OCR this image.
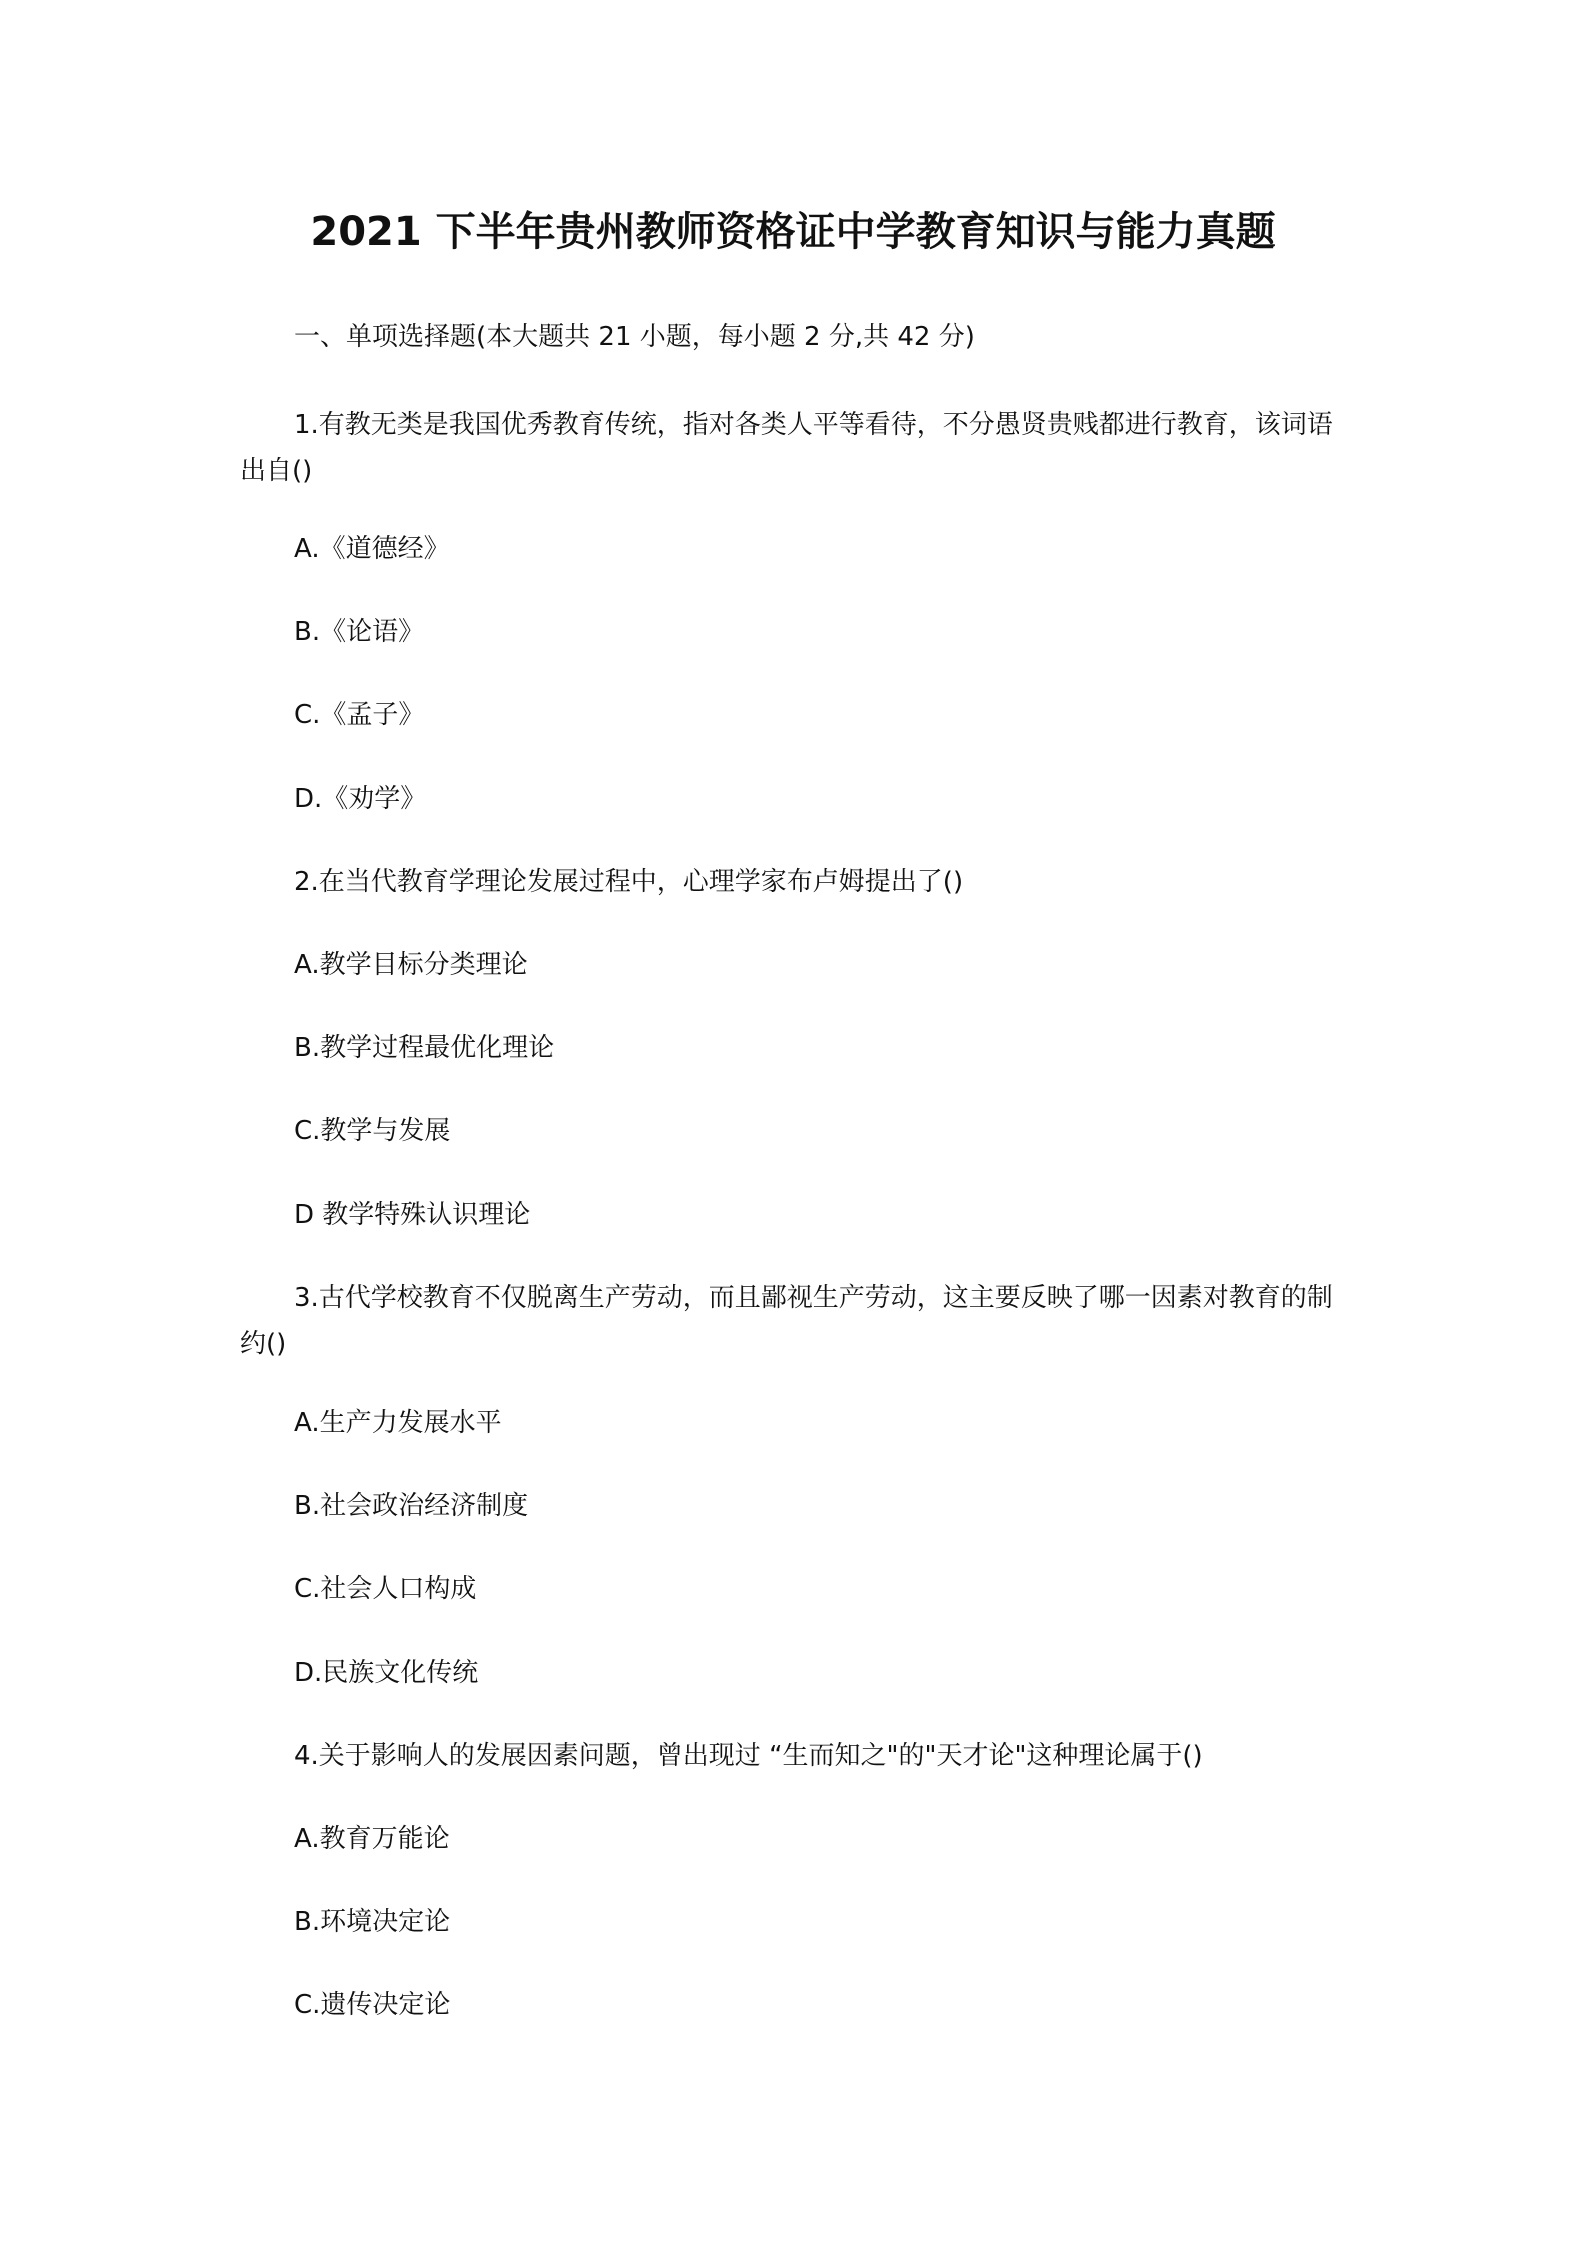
2021 下半年贵州教师资格证中学教育知识与能力真题
一、单项选择题(本大题共 21 小题，每小题 2 分,共 42 分)
1.有教无类是我国优秀教育传统，指对各类人平等看待，不分愚贤贵贱都进行教育，该词语出自()
A.《道德经》
B.《论语》
C.《孟子》
D.《劝学》
2.在当代教育学理论发展过程中，心理学家布卢姆提出了()
A.教学目标分类理论
B.教学过程最优化理论
C.教学与发展
D 教学特殊认识理论
3.古代学校教育不仅脱离生产劳动，而且鄙视生产劳动，这主要反映了哪一因素对教育的制约()
A.生产力发展水平
B.社会政治经济制度
C.社会人口构成
D.民族文化传统
4.关于影响人的发展因素问题，曾出现过 “生而知之"的"天才论"这种理论属于()
A.教育万能论
B.环境决定论
C.遗传决定论
